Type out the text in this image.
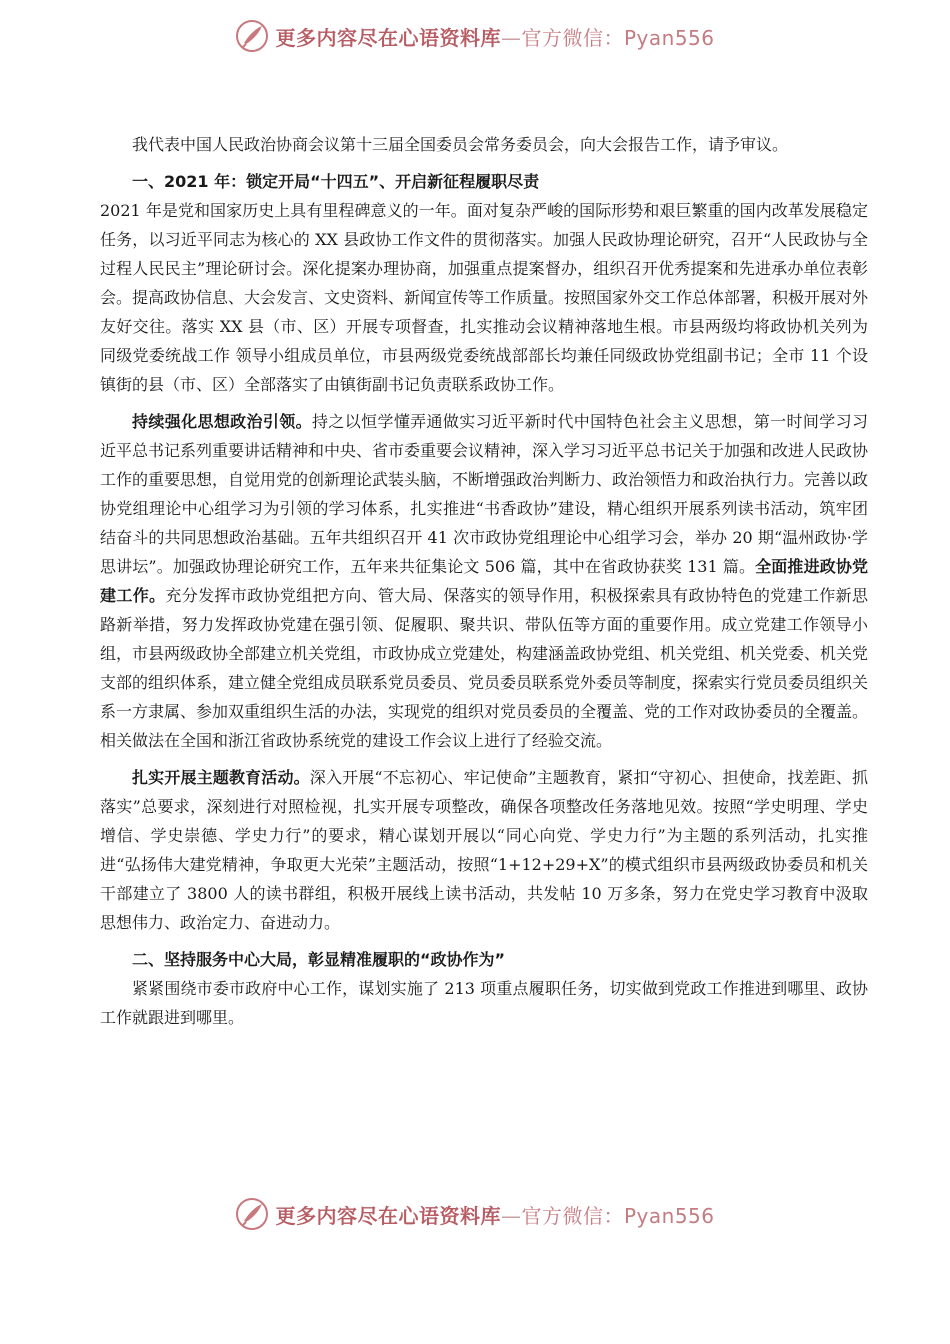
更多内容尽在心语资料库—官方微信：Pyan556

我代表中国人民政治协商会议第十三届全国委员会常务委员会，向大会报告工作，请予审议。

一、2021 年：锁定开局“十四五”、开启新征程履职尽责

2021 年是党和国家历史上具有里程碑意义的一年。面对复杂严峻的国际形势和艰巨繁重的国内改革发展稳定任务，以习近平同志为核心的 XX 县政协工作文件的贯彻落实。加强人民政协理论研究，召开“人民政协与全过程人民民主”理论研讨会。深化提案办理协商，加强重点提案督办，组织召开优秀提案和先进承办单位表彰会。提高政协信息、大会发言、文史资料、新闻宣传等工作质量。按照国家外交工作总体部署，积极开展对外友好交往。落实 XX 县（市、区）开展专项督查，扎实推动会议精神落地生根。市县两级均将政协机关列为同级党委统战工作 领导小组成员单位，市县两级党委统战部部长均兼任同级政协党组副书记；全市 11 个设镇街的县（市、区）全部落实了由镇街副书记负责联系政协工作。

持续强化思想政治引领。持之以恒学懂弄通做实习近平新时代中国特色社会主义思想，第一时间学习习近平总书记系列重要讲话精神和中央、省市委重要会议精神，深入学习习近平总书记关于加强和改进人民政协工作的重要思想，自觉用党的创新理论武装头脑，不断增强政治判断力、政治领悟力和政治执行力。完善以政协党组理论中心组学习为引领的学习体系，扎实推进“书香政协”建设，精心组织开展系列读书活动，筑牢团结奋斗的共同思想政治基础。五年共组织召开 41 次市政协党组理论中心组学习会，举办 20 期“温州政协·学思讲坛”。加强政协理论研究工作，五年来共征集论文 506 篇，其中在省政协获奖 131 篇。全面推进政协党建工作。充分发挥市政协党组把方向、管大局、保落实的领导作用，积极探索具有政协特色的党建工作新思路新举措，努力发挥政协党建在强引领、促履职、聚共识、带队伍等方面的重要作用。成立党建工作领导小组，市县两级政协全部建立机关党组，市政协成立党建处，构建涵盖政协党组、机关党组、机关党委、机关党支部的组织体系，建立健全党组成员联系党员委员、党员委员联系党外委员等制度，探索实行党员委员组织关系一方隶属、参加双重组织生活的办法，实现党的组织对党员委员的全覆盖、党的工作对政协委员的全覆盖。相关做法在全国和浙江省政协系统党的建设工作会议上进行了经验交流。

扎实开展主题教育活动。深入开展“不忘初心、牢记使命”主题教育，紧扣“守初心、担使命，找差距、抓落实”总要求，深刻进行对照检视，扎实开展专项整改，确保各项整改任务落地见效。按照“学史明理、学史增信、学史崇德、学史力行”的要求，精心谋划开展以“同心向党、学史力行”为主题的系列活动，扎实推进“弘扬伟大建党精神，争取更大光荣”主题活动，按照“1+12+29+X”的模式组织市县两级政协委员和机关干部建立了 3800 人的读书群组，积极开展线上读书活动，共发帖 10 万多条，努力在党史学习教育中汲取思想伟力、政治定力、奋进动力。

二、坚持服务中心大局，彰显精准履职的“政协作为”

紧紧围绕市委市政府中心工作，谋划实施了 213 项重点履职任务，切实做到党政工作推进到哪里、政协工作就跟进到哪里。

更多内容尽在心语资料库—官方微信：Pyan556
